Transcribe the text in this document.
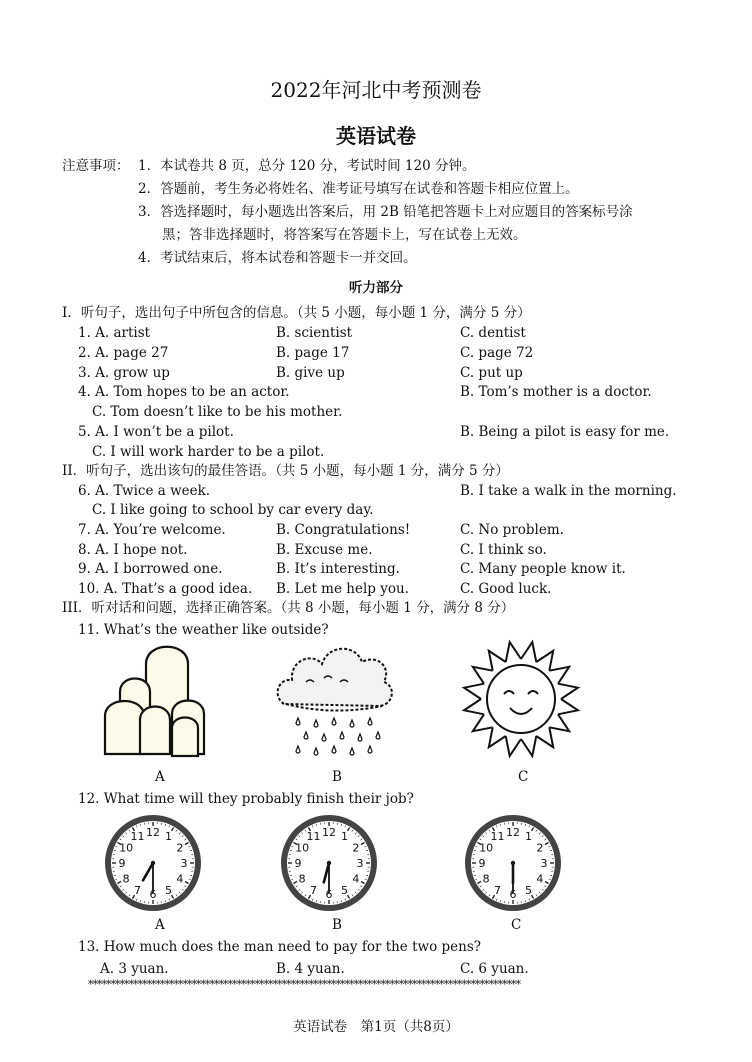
2022年河北中考预测卷
英语试卷
注意事项： 1．本试卷共 8 页，总分 120 分，考试时间 120 分钟。
2．答题前，考生务必将姓名、准考证号填写在试卷和答题卡相应位置上。
3．答选择题时，每小题选出答案后，用 2B 铅笔把答题卡上对应题目的答案标号涂
黑；答非选择题时，将答案写在答题卡上，写在试卷上无效。
4．考试结束后，将本试卷和答题卡一并交回。
听力部分
I．听句子，选出句子中所包含的信息。（共 5 小题，每小题 1 分，满分 5 分）
1. A. artist	B. scientist	C. dentist
2. A. page 27	B. page 17	C. page 72
3. A. grow up	B. give up	C. put up
4. A. Tom hopes to be an actor.	B. Tom’s mother is a doctor.
C. Tom doesn’t like to be his mother.
5. A. I won’t be a pilot.	B. Being a pilot is easy for me.
C. I will work harder to be a pilot.
II．听句子，选出该句的最佳答语。（共 5 小题，每小题 1 分，满分 5 分）
6. A. Twice a week.	B. I take a walk in the morning.
C. I like going to school by car every day.
7. A. You’re welcome.	B. Congratulations!	C. No problem.
8. A. I hope not.	B. Excuse me.	C. I think so.
9. A. I borrowed one.	B. It’s interesting.	C. Many people know it.
10. A. That’s a good idea. B. Let me help you.	C. Good luck.
III．听对话和问题，选择正确答案。（共 8 小题，每小题 1 分，满分 8 分）
11. What’s the weather like outside?
A	B	C
12. What time will they probably finish their job?
12 1
2
3
4
5
6
7
8
9
10
11	12 1
2
3
4
5
6
7
8
9
10
11	12 1
2
3
4
5
6
7
8
9
10
11
A	B	C
13. How much does the man need to pay for the two pens?
A. 3 yuan.	B. 4 yuan.	C. 6 yuan.
************************************************************************************************
英语试卷　第1页（共8页）
